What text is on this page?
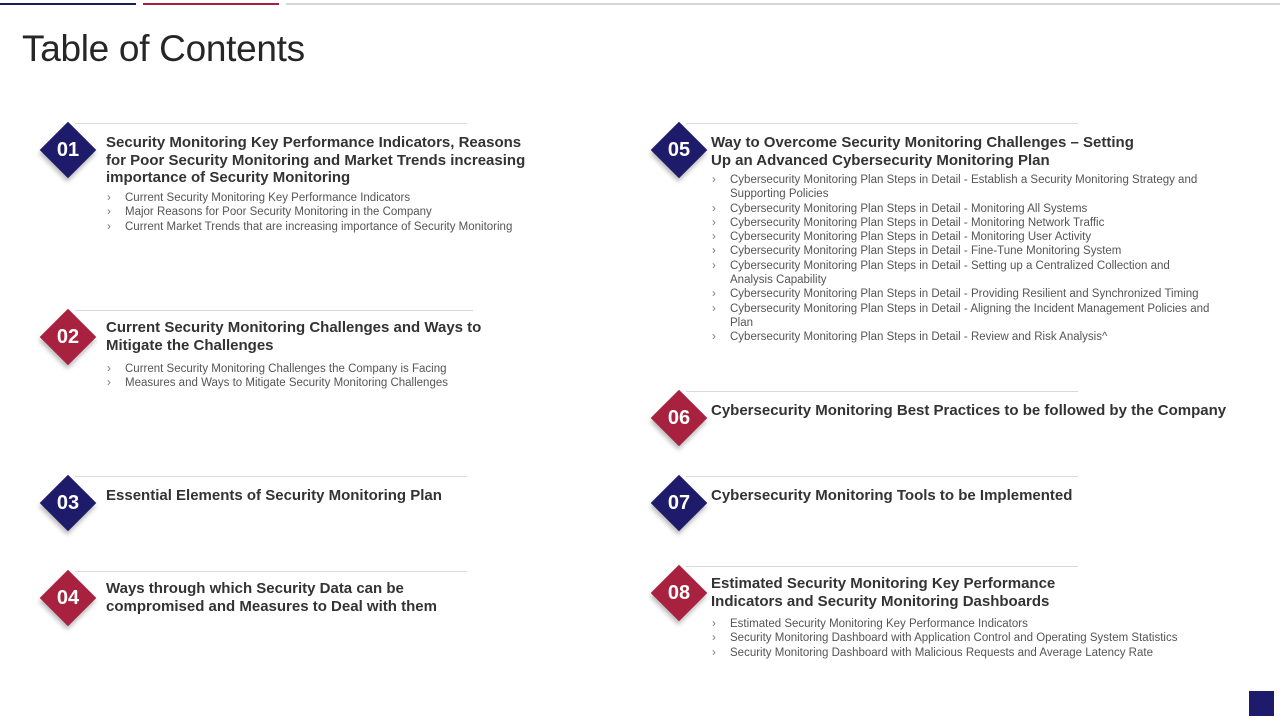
Table of Contents
01	Security Monitoring Key Performance Indicators, Reasons for Poor Security Monitoring and Market Trends increasing importance of Security Monitoring
› Current Security Monitoring Key Performance Indicators
› Major Reasons for Poor Security Monitoring in the Company
› Current Market Trends that are increasing importance of Security Monitoring
02	Current Security Monitoring Challenges and Ways to Mitigate the Challenges
› Current Security Monitoring Challenges the Company is Facing
› Measures and Ways to Mitigate Security Monitoring Challenges
03	Essential Elements of Security Monitoring Plan
04	Ways through which Security Data can be compromised and Measures to Deal with them
05	Way to Overcome Security Monitoring Challenges – Setting Up an Advanced Cybersecurity Monitoring Plan
› Cybersecurity Monitoring Plan Steps in Detail - Establish a Security Monitoring Strategy and Supporting Policies
› Cybersecurity Monitoring Plan Steps in Detail - Monitoring All Systems
› Cybersecurity Monitoring Plan Steps in Detail - Monitoring Network Traffic
› Cybersecurity Monitoring Plan Steps in Detail - Monitoring User Activity
› Cybersecurity Monitoring Plan Steps in Detail - Fine-Tune Monitoring System
› Cybersecurity Monitoring Plan Steps in Detail - Setting up a Centralized Collection and Analysis Capability
› Cybersecurity Monitoring Plan Steps in Detail - Providing Resilient and Synchronized Timing
› Cybersecurity Monitoring Plan Steps in Detail - Aligning the Incident Management Policies and Plan
› Cybersecurity Monitoring Plan Steps in Detail - Review and Risk Analysis^
06	Cybersecurity Monitoring Best Practices to be followed by the Company
07	Cybersecurity Monitoring Tools to be Implemented
08	Estimated Security Monitoring Key Performance Indicators and Security Monitoring Dashboards
› Estimated Security Monitoring Key Performance Indicators
› Security Monitoring Dashboard with Application Control and Operating System Statistics
› Security Monitoring Dashboard with Malicious Requests and Average Latency Rate
